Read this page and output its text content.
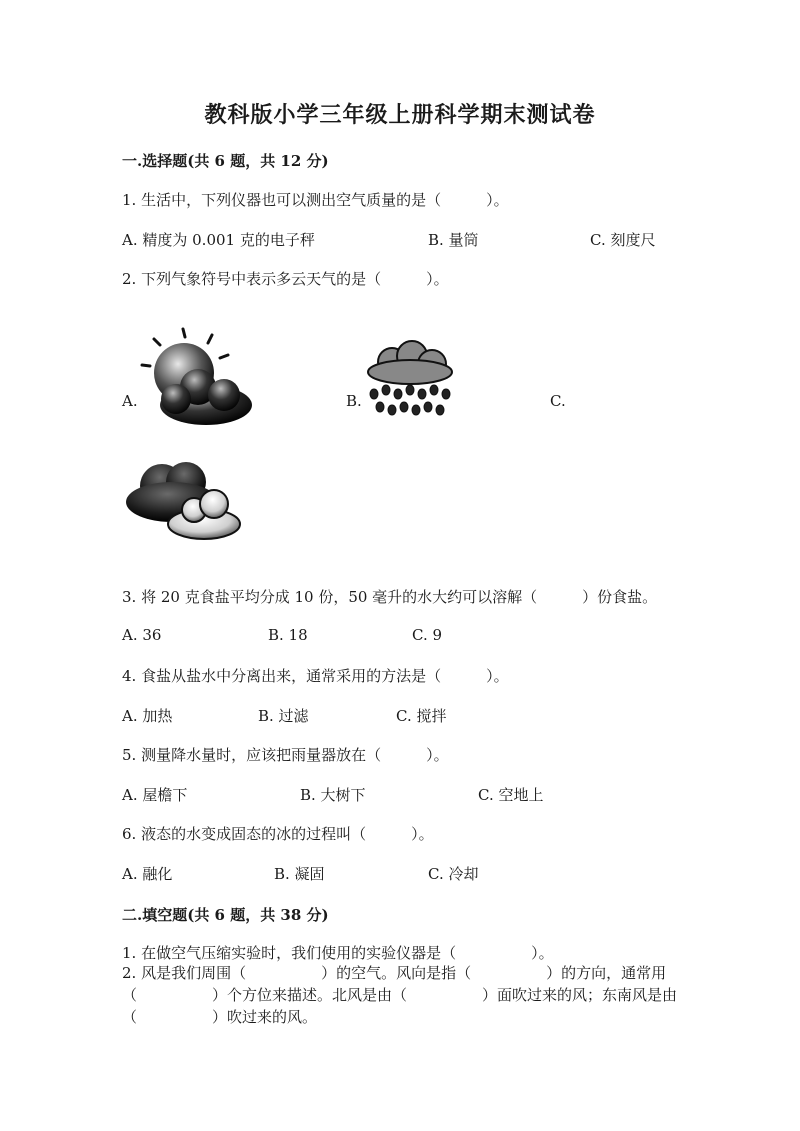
教科版小学三年级上册科学期末测试卷
一.选择题(共 6 题，共 12 分)
1. 生活中，下列仪器也可以测出空气质量的是（　　　）。
A. 精度为 0.001 克的电子秤	B. 量筒	C. 刻度尺
2. 下列气象符号中表示多云天气的是（　　　）。
A.	B.	C.
3. 将 20 克食盐平均分成 10 份，50 毫升的水大约可以溶解（　　　）份食盐。
A. 36	B. 18	C. 9
4. 食盐从盐水中分离出来，通常采用的方法是（　　　）。
A. 加热	B. 过滤	C. 搅拌
5. 测量降水量时，应该把雨量器放在（　　　）。
A. 屋檐下	B. 大树下	C. 空地上
6. 液态的水变成固态的冰的过程叫（　　　）。
A. 融化	B. 凝固	C. 冷却
二.填空题(共 6 题，共 38 分)
1. 在做空气压缩实验时，我们使用的实验仪器是（　　　　　）。
2. 风是我们周围（　　　　　）的空气。风向是指（　　　　　）的方向，通常用（　　　　　）个方位来描述。北风是由（　　　　　）面吹过来的风；东南风是由（　　　　　）吹过来的风。
